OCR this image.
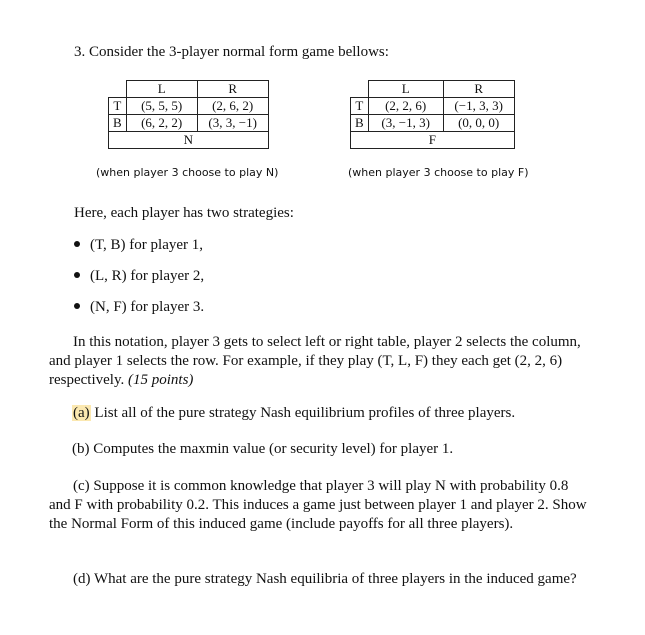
3. Consider the 3-player normal form game bellows:
	L	R
T	(5, 5, 5)	(2, 6, 2)
B	(6, 2, 2)	(3, 3, −1)
N		
	L	R
T	(2, 2, 6)	(−1, 3, 3)
B	(3, −1, 3)	(0, 0, 0)
F		
(when player 3 choose to play N)	(when player 3 choose to play F)
Here, each player has two strategies:
(T, B) for player 1,
(L, R) for player 2,
(N, F) for player 3.
In this notation, player 3 gets to select left or right table, player 2 selects the column, and player 1 selects the row. For example, if they play (T, L, F) they each get (2, 2, 6) respectively. (15 points)
(a) List all of the pure strategy Nash equilibrium profiles of three players.
(b) Computes the maxmin value (or security level) for player 1.
(c) Suppose it is common knowledge that player 3 will play N with probability 0.8 and F with probability 0.2. This induces a game just between player 1 and player 2. Show the Normal Form of this induced game (include payoffs for all three players).
(d) What are the pure strategy Nash equilibria of three players in the induced game?
